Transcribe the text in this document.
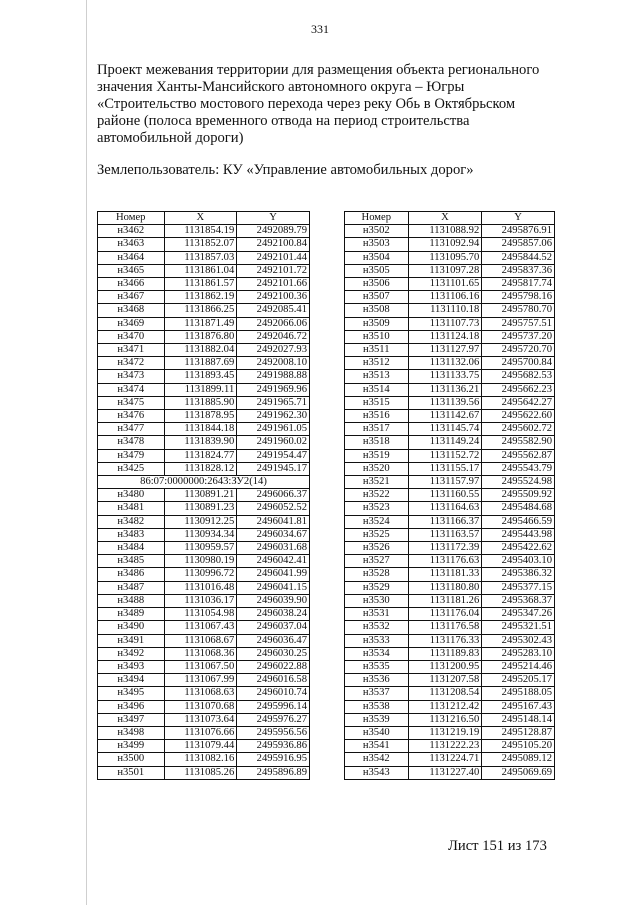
331
Проект межевания территории для размещения объекта регионального
значения Ханты-Мансийского автономного округа – Югры
«Строительство мостового перехода через реку Обь в Октябрьском
районе (полоса временного отвода на период строительства
автомобильной дороги)
Землепользователь: КУ «Управление автомобильных дорог»
Номер	X	Y
н3462	1131854.19	2492089.79
н3463	1131852.07	2492100.84
н3464	1131857.03	2492101.44
н3465	1131861.04	2492101.72
н3466	1131861.57	2492101.66
н3467	1131862.19	2492100.36
н3468	1131866.25	2492085.41
н3469	1131871.49	2492066.06
н3470	1131876.80	2492046.72
н3471	1131882.04	2492027.93
н3472	1131887.69	2492008.10
н3473	1131893.45	2491988.88
н3474	1131899.11	2491969.96
н3475	1131885.90	2491965.71
н3476	1131878.95	2491962.30
н3477	1131844.18	2491961.05
н3478	1131839.90	2491960.02
н3479	1131824.77	2491954.47
н3425	1131828.12	2491945.17
86:07:0000000:2643:ЗУ2(14)		
н3480	1130891.21	2496066.37
н3481	1130891.23	2496052.52
н3482	1130912.25	2496041.81
н3483	1130934.34	2496034.67
н3484	1130959.57	2496031.68
н3485	1130980.19	2496042.41
н3486	1130996.72	2496041.99
н3487	1131016.48	2496041.15
н3488	1131036.17	2496039.90
н3489	1131054.98	2496038.24
н3490	1131067.43	2496037.04
н3491	1131068.67	2496036.47
н3492	1131068.36	2496030.25
н3493	1131067.50	2496022.88
н3494	1131067.99	2496016.58
н3495	1131068.63	2496010.74
н3496	1131070.68	2495996.14
н3497	1131073.64	2495976.27
н3498	1131076.66	2495956.56
н3499	1131079.44	2495936.86
н3500	1131082.16	2495916.95
н3501	1131085.26	2495896.89
Номер	X	Y
н3502	1131088.92	2495876.91
н3503	1131092.94	2495857.06
н3504	1131095.70	2495844.52
н3505	1131097.28	2495837.36
н3506	1131101.65	2495817.74
н3507	1131106.16	2495798.16
н3508	1131110.18	2495780.70
н3509	1131107.73	2495757.51
н3510	1131124.18	2495737.20
н3511	1131127.97	2495720.70
н3512	1131132.06	2495700.84
н3513	1131133.75	2495682.53
н3514	1131136.21	2495662.23
н3515	1131139.56	2495642.27
н3516	1131142.67	2495622.60
н3517	1131145.74	2495602.72
н3518	1131149.24	2495582.90
н3519	1131152.72	2495562.87
н3520	1131155.17	2495543.79
н3521	1131157.97	2495524.98
н3522	1131160.55	2495509.92
н3523	1131164.63	2495484.68
н3524	1131166.37	2495466.59
н3525	1131163.57	2495443.98
н3526	1131172.39	2495422.62
н3527	1131176.63	2495403.10
н3528	1131181.33	2495386.32
н3529	1131180.80	2495377.15
н3530	1131181.26	2495368.37
н3531	1131176.04	2495347.26
н3532	1131176.58	2495321.51
н3533	1131176.33	2495302.43
н3534	1131189.83	2495283.10
н3535	1131200.95	2495214.46
н3536	1131207.58	2495205.17
н3537	1131208.54	2495188.05
н3538	1131212.42	2495167.43
н3539	1131216.50	2495148.14
н3540	1131219.19	2495128.87
н3541	1131222.23	2495105.20
н3542	1131224.71	2495089.12
н3543	1131227.40	2495069.69
Лист 151 из 173
